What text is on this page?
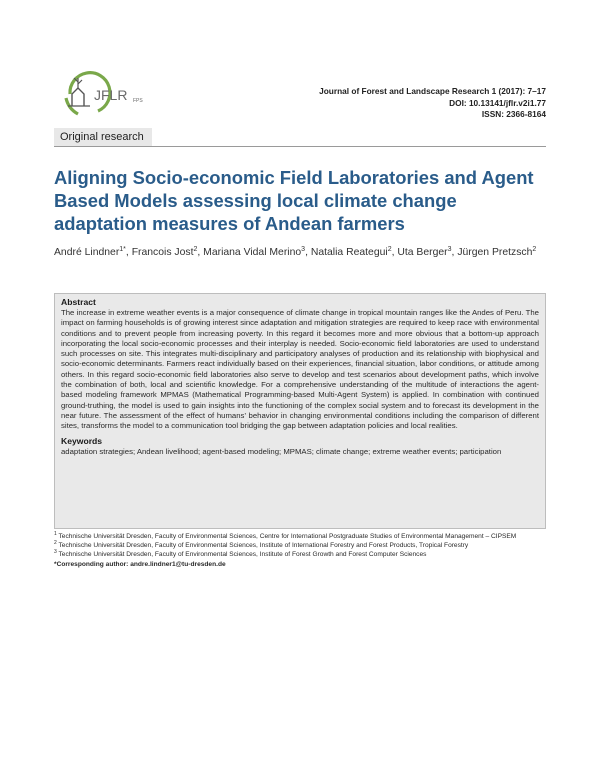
JFLR FPS
Journal of Forest and Landscape Research 1 (2017): 7–17
DOI: 10.13141/jflr.v2i1.77
ISSN: 2366-8164
Original research
Aligning Socio-economic Field Laboratories and Agent Based Models assessing local climate change adaptation measures of Andean farmers
André Lindner$^{1*}$, Francois Jost$^2$, Mariana Vidal Merino$^3$, Natalia Reategui$^2$, Uta Berger$^3$, Jürgen Pretzsch$^2$
Abstract
The increase in extreme weather events is a major consequence of climate change in tropical mountain ranges like the Andes of Peru. The impact on farming households is of growing interest since adaptation and mitigation strategies are required to keep race with environmental conditions and to prevent people from increasing poverty. In this regard it becomes more and more obvious that a bottom-up approach incorporating the local socio-economic processes and their interplay is needed. Socio-economic field laboratories are used to understand such processes on site. This integrates multi-disciplinary and participatory analyses of production and its relationship with biophysical and socio-economic determinants. Farmers react individually based on their experiences, financial situation, labor conditions, or attitude among others. In this regard socio-economic field laboratories also serve to develop and test scenarios about development paths, which involve the combination of both, local and scientific knowledge. For a comprehensive understanding of the multitude of interactions the agent-based modeling framework MPMAS (Mathematical Programming-based Multi-Agent System) is applied. In combination with continued ground-truthing, the model is used to gain insights into the functioning of the complex social system and to forecast its development in the near future. The assessment of the effect of humans’ behavior in changing environmental conditions including the comparison of different sites, transforms the model to a communication tool bridging the gap between adaptation policies and local realities.
Keywords
adaptation strategies; Andean livelihood; agent-based modeling; MPMAS; climate change; extreme weather events; participation
$^1$ Technische Universität Dresden, Faculty of Environmental Sciences, Centre for International Postgraduate Studies of Environmental Management – CIPSEM
$^2$ Technische Universität Dresden, Faculty of Environmental Sciences, Institute of International Forestry and Forest Products, Tropical Forestry
$^3$ Technische Universität Dresden, Faculty of Environmental Sciences, Institute of Forest Growth and Forest Computer Sciences
*Corresponding author: andre.lindner1@tu-dresden.de
